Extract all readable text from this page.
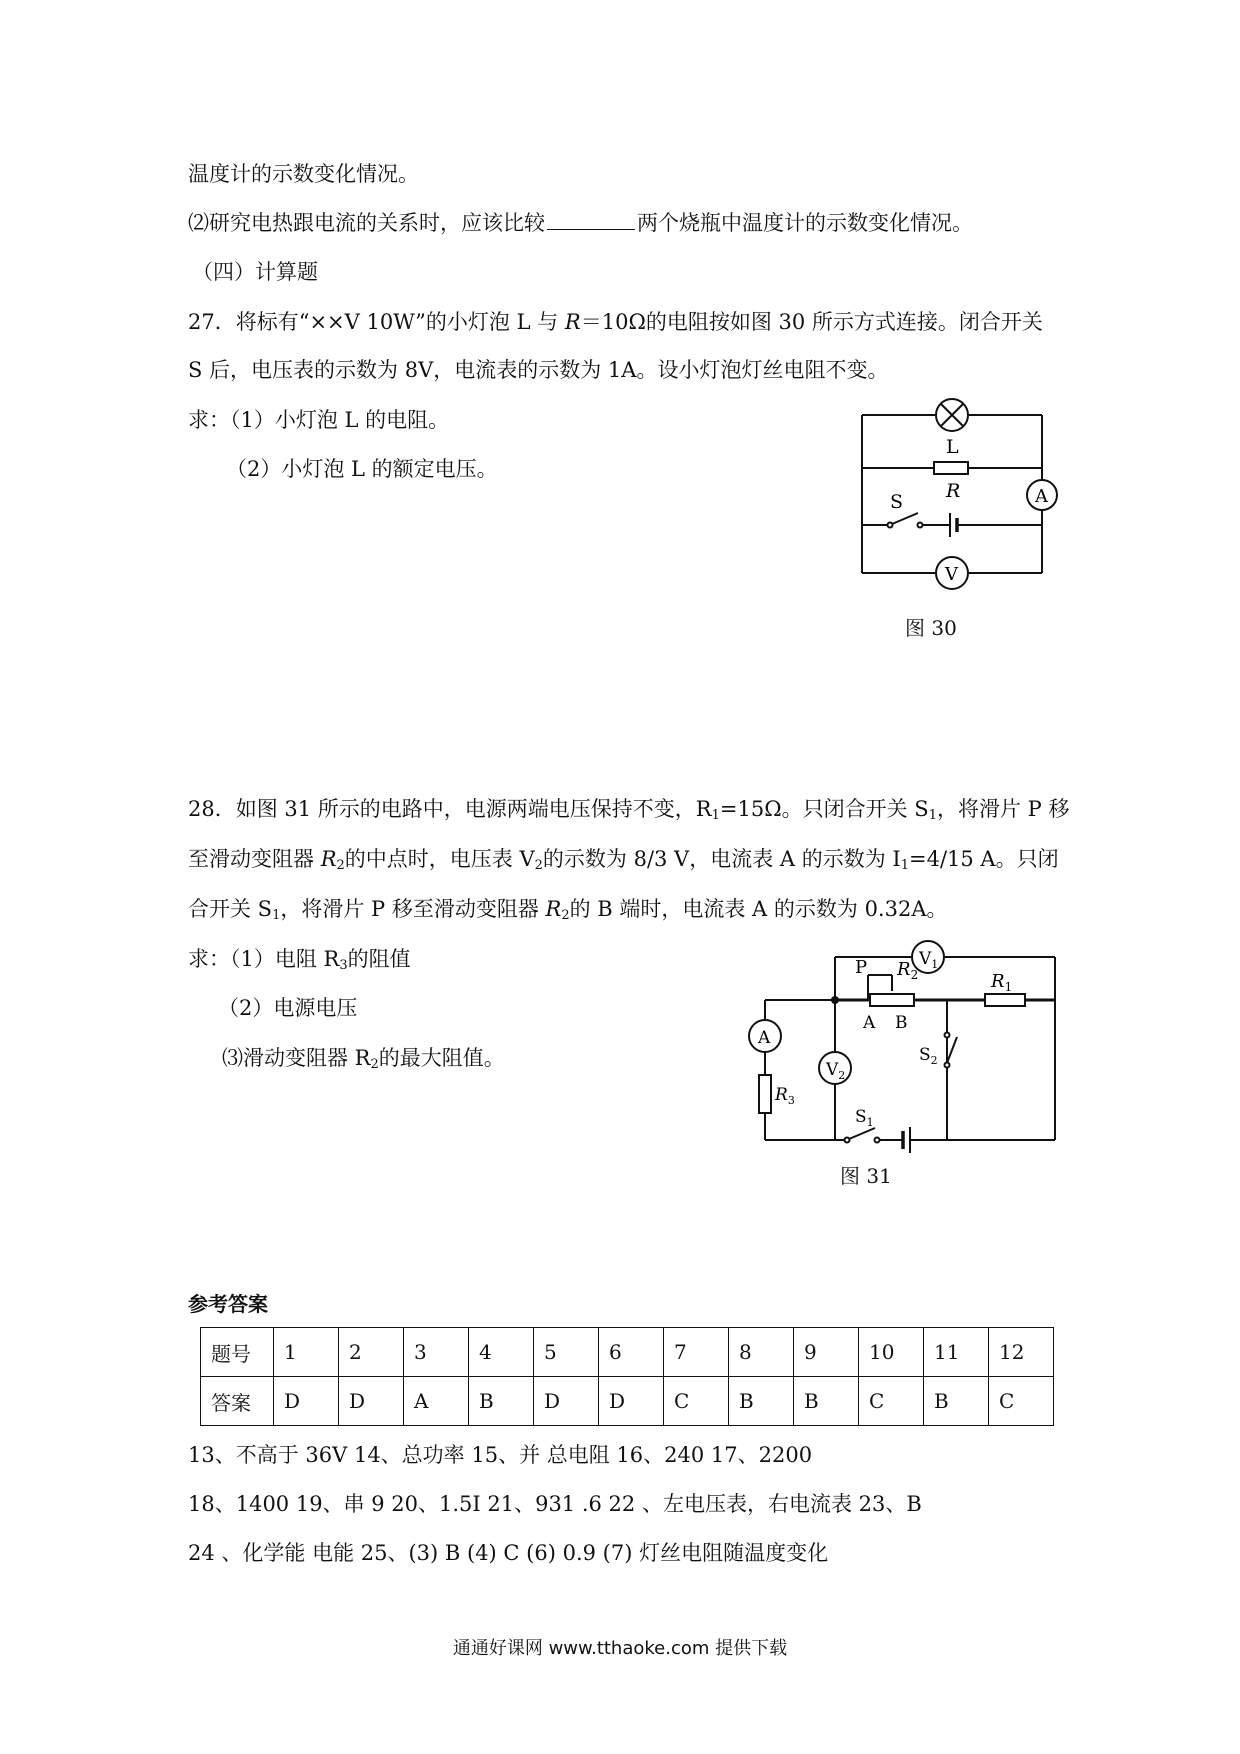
温度计的示数变化情况。
⑵研究电热跟电流的关系时，应该比较	两个烧瓶中温度计的示数变化情况。
（四）计算题
27．将标有“××V 10W”的小灯泡 L 与 R＝10Ω的电阻按如图 30 所示方式连接。闭合开关
S 后，电压表的示数为 8V，电流表的示数为 1A。设小灯泡灯丝电阻不变。
求：（1）小灯泡 L 的电阻。
（2）小灯泡 L 的额定电压。
L
R
S	A
V
图 30
28．如图 31 所示的电路中，电源两端电压保持不变，$R_1=15\Omega$。只闭合开关 $S_1$，将滑片 P 移
至滑动变阻器 $R_2$的中点时，电压表 $V_2$的示数为 8/3 V，电流表 A 的示数为 $I_1=4/15$ A。只闭
合开关 $S_1$，将滑片 P 移至滑动变阻器 $R_2$的 B 端时，电流表 A 的示数为 0.32A。
求：（1）电阻 $R_3$的阻值
（2）电源电压
⑶滑动变阻器 $R_2$的最大阻值。
P $R_2$
A B
$R_1$
$V_1$
$V_2$
A
$R_3$
$S_1$
$S_2$
图 31
参考答案
题号	1	2	3	4	5	6	7	8	9	10	11	12
答案	D	D	A	B	D	D	C	B	B	C	B	C
13、不高于 36V 14、总功率 15、并 总电阻 16、240 17、2200
18、1400 19、串 9 20、1.5I 21、931 .6 22 、左电压表，右电流表 23、B
24 、化学能 电能 25、(3) B (4) C (6) 0.9 (7) 灯丝电阻随温度变化
通通好课网 www.tthaoke.com 提供下载
